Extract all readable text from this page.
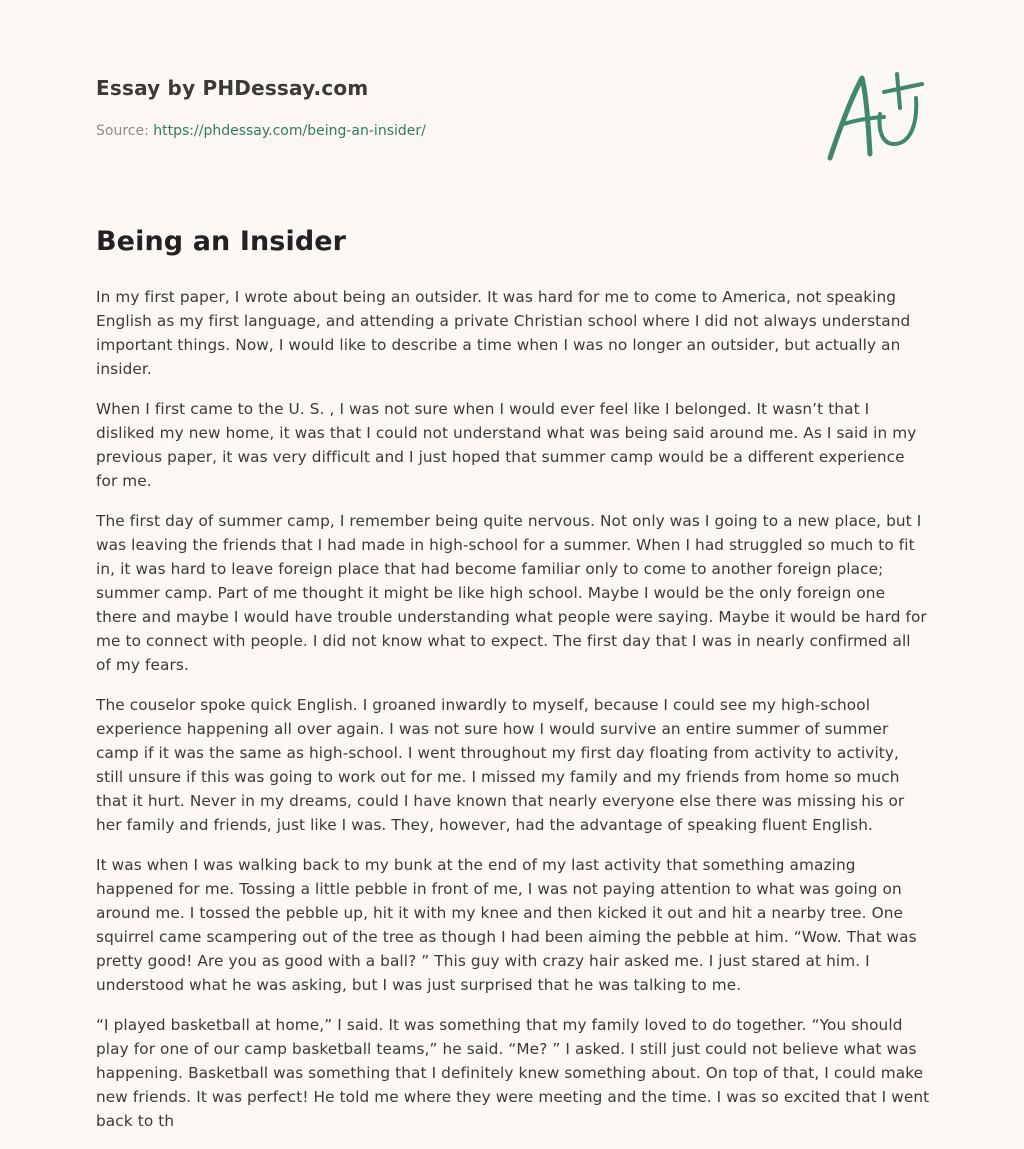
Essay by PHDessay.com
Source: https://phdessay.com/being-an-insider/
Being an Insider

In my first paper, I wrote about being an outsider. It was hard for me to come to America, not speaking English as my first language, and attending a private Christian school where I did not always understand important things. Now, I would like to describe a time when I was no longer an outsider, but actually an insider.

When I first came to the U. S. , I was not sure when I would ever feel like I belonged. It wasn’t that I disliked my new home, it was that I could not understand what was being said around me. As I said in my previous paper, it was very difficult and I just hoped that summer camp would be a different experience for me.

The first day of summer camp, I remember being quite nervous. Not only was I going to a new place, but I was leaving the friends that I had made in high-school for a summer. When I had struggled so much to fit in, it was hard to leave foreign place that had become familiar only to come to another foreign place; summer camp. Part of me thought it might be like high school. Maybe I would be the only foreign one there and maybe I would have trouble understanding what people were saying. Maybe it would be hard for me to connect with people. I did not know what to expect. The first day that I was in nearly confirmed all of my fears.

The couselor spoke quick English. I groaned inwardly to myself, because I could see my high-school experience happening all over again. I was not sure how I would survive an entire summer of summer camp if it was the same as high-school. I went throughout my first day floating from activity to activity, still unsure if this was going to work out for me. I missed my family and my friends from home so much that it hurt. Never in my dreams, could I have known that nearly everyone else there was missing his or her family and friends, just like I was. They, however, had the advantage of speaking fluent English.

It was when I was walking back to my bunk at the end of my last activity that something amazing happened for me. Tossing a little pebble in front of me, I was not paying attention to what was going on around me. I tossed the pebble up, hit it with my knee and then kicked it out and hit a nearby tree. One squirrel came scampering out of the tree as though I had been aiming the pebble at him. “Wow. That was pretty good! Are you as good with a ball? ” This guy with crazy hair asked me. I just stared at him. I understood what he was asking, but I was just surprised that he was talking to me.

“I played basketball at home,” I said. It was something that my family loved to do together. “You should play for one of our camp basketball teams,” he said. “Me? ” I asked. I still just could not believe what was happening. Basketball was something that I definitely knew something about. On top of that, I could make new friends. It was perfect! He told me where they were meeting and the time. I was so excited that I went back to th
